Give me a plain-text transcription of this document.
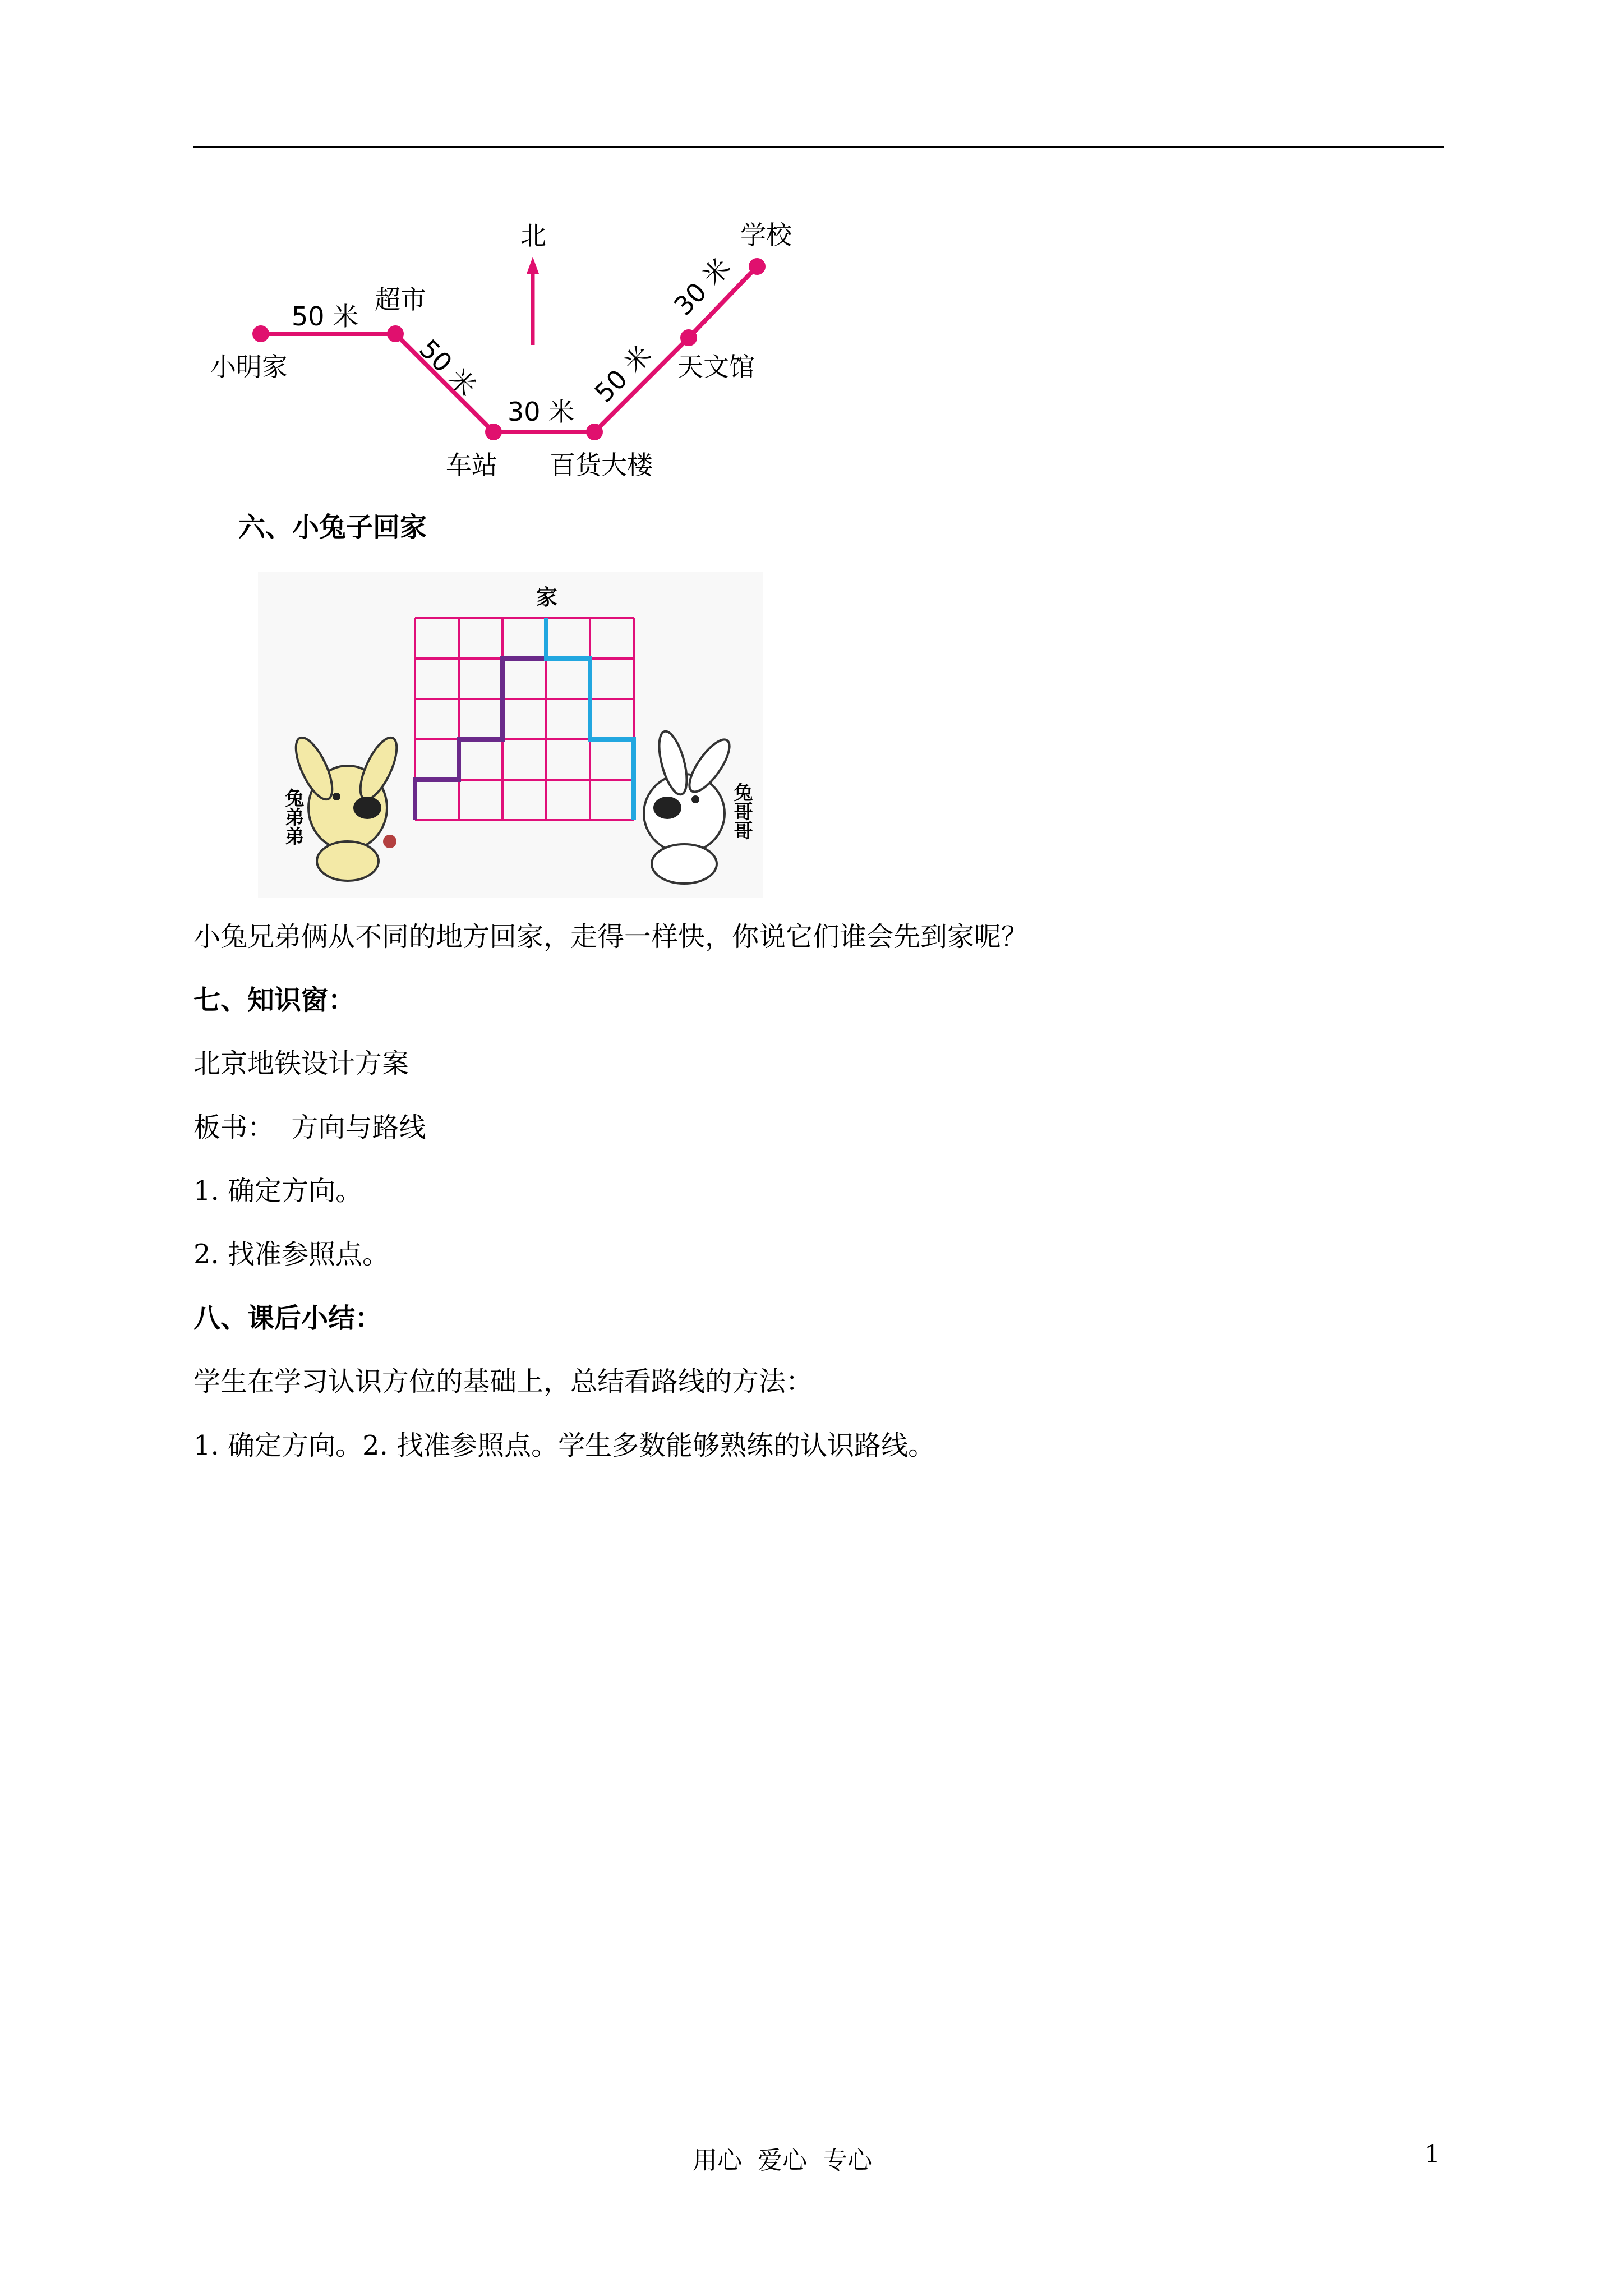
北
小明家
超市
车站 百货大楼
天文馆
学校
50 米
50 米
30 米
50 米
30 米
六、小兔子回家
家
兔弟弟	兔哥哥
小兔兄弟俩从不同的地方回家，走得一样快，你说它们谁会先到家呢？
七、知识窗：
北京地铁设计方案
板书：  方向与路线
1. 确定方向。
2. 找准参照点。
八、课后小结：
学生在学习认识方位的基础上，总结看路线的方法：
1. 确定方向。2. 找准参照点。学生多数能够熟练的认识路线。
用心  爱心  专心	1
